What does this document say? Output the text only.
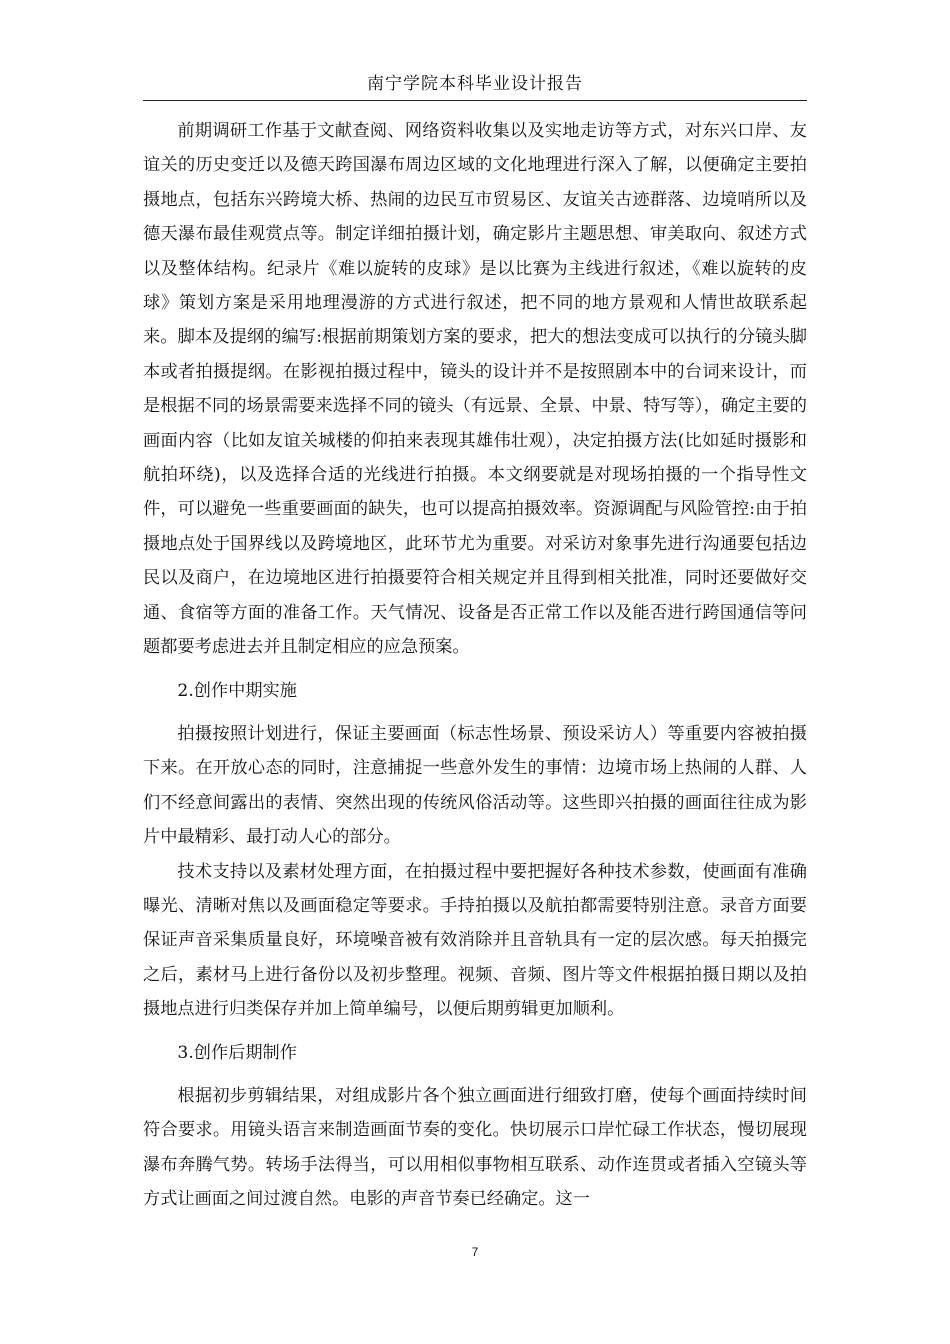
南宁学院本科毕业设计报告

前期调研工作基于文献查阅、网络资料收集以及实地走访等方式，对东兴口岸、友谊关的历史变迁以及德天跨国瀑布周边区域的文化地理进行深入了解，以便确定主要拍摄地点，包括东兴跨境大桥、热闹的边民互市贸易区、友谊关古迹群落、边境哨所以及德天瀑布最佳观赏点等。制定详细拍摄计划，确定影片主题思想、审美取向、叙述方式以及整体结构。纪录片《难以旋转的皮球》是以比赛为主线进行叙述，《难以旋转的皮球》策划方案是采用地理漫游的方式进行叙述，把不同的地方景观和人情世故联系起来。脚本及提纲的编写:根据前期策划方案的要求，把大的想法变成可以执行的分镜头脚本或者拍摄提纲。在影视拍摄过程中，镜头的设计并不是按照剧本中的台词来设计，而是根据不同的场景需要来选择不同的镜头（有远景、全景、中景、特写等），确定主要的画面内容（比如友谊关城楼的仰拍来表现其雄伟壮观），决定拍摄方法(比如延时摄影和航拍环绕)，以及选择合适的光线进行拍摄。本文纲要就是对现场拍摄的一个指导性文件，可以避免一些重要画面的缺失，也可以提高拍摄效率。资源调配与风险管控:由于拍摄地点处于国界线以及跨境地区，此环节尤为重要。对采访对象事先进行沟通要包括边民以及商户，在边境地区进行拍摄要符合相关规定并且得到相关批准，同时还要做好交通、食宿等方面的准备工作。天气情况、设备是否正常工作以及能否进行跨国通信等问题都要考虑进去并且制定相应的应急预案。

2.创作中期实施

拍摄按照计划进行，保证主要画面（标志性场景、预设采访人）等重要内容被拍摄下来。在开放心态的同时，注意捕捉一些意外发生的事情：边境市场上热闹的人群、人们不经意间露出的表情、突然出现的传统风俗活动等。这些即兴拍摄的画面往往成为影片中最精彩、最打动人心的部分。

技术支持以及素材处理方面，在拍摄过程中要把握好各种技术参数，使画面有准确曝光、清晰对焦以及画面稳定等要求。手持拍摄以及航拍都需要特别注意。录音方面要保证声音采集质量良好，环境噪音被有效消除并且音轨具有一定的层次感。每天拍摄完之后，素材马上进行备份以及初步整理。视频、音频、图片等文件根据拍摄日期以及拍摄地点进行归类保存并加上简单编号，以便后期剪辑更加顺利。

3.创作后期制作

根据初步剪辑结果，对组成影片各个独立画面进行细致打磨，使每个画面持续时间符合要求。用镜头语言来制造画面节奏的变化。快切展示口岸忙碌工作状态，慢切展现瀑布奔腾气势。转场手法得当，可以用相似事物相互联系、动作连贯或者插入空镜头等方式让画面之间过渡自然。电影的声音节奏已经确定。这一

7
